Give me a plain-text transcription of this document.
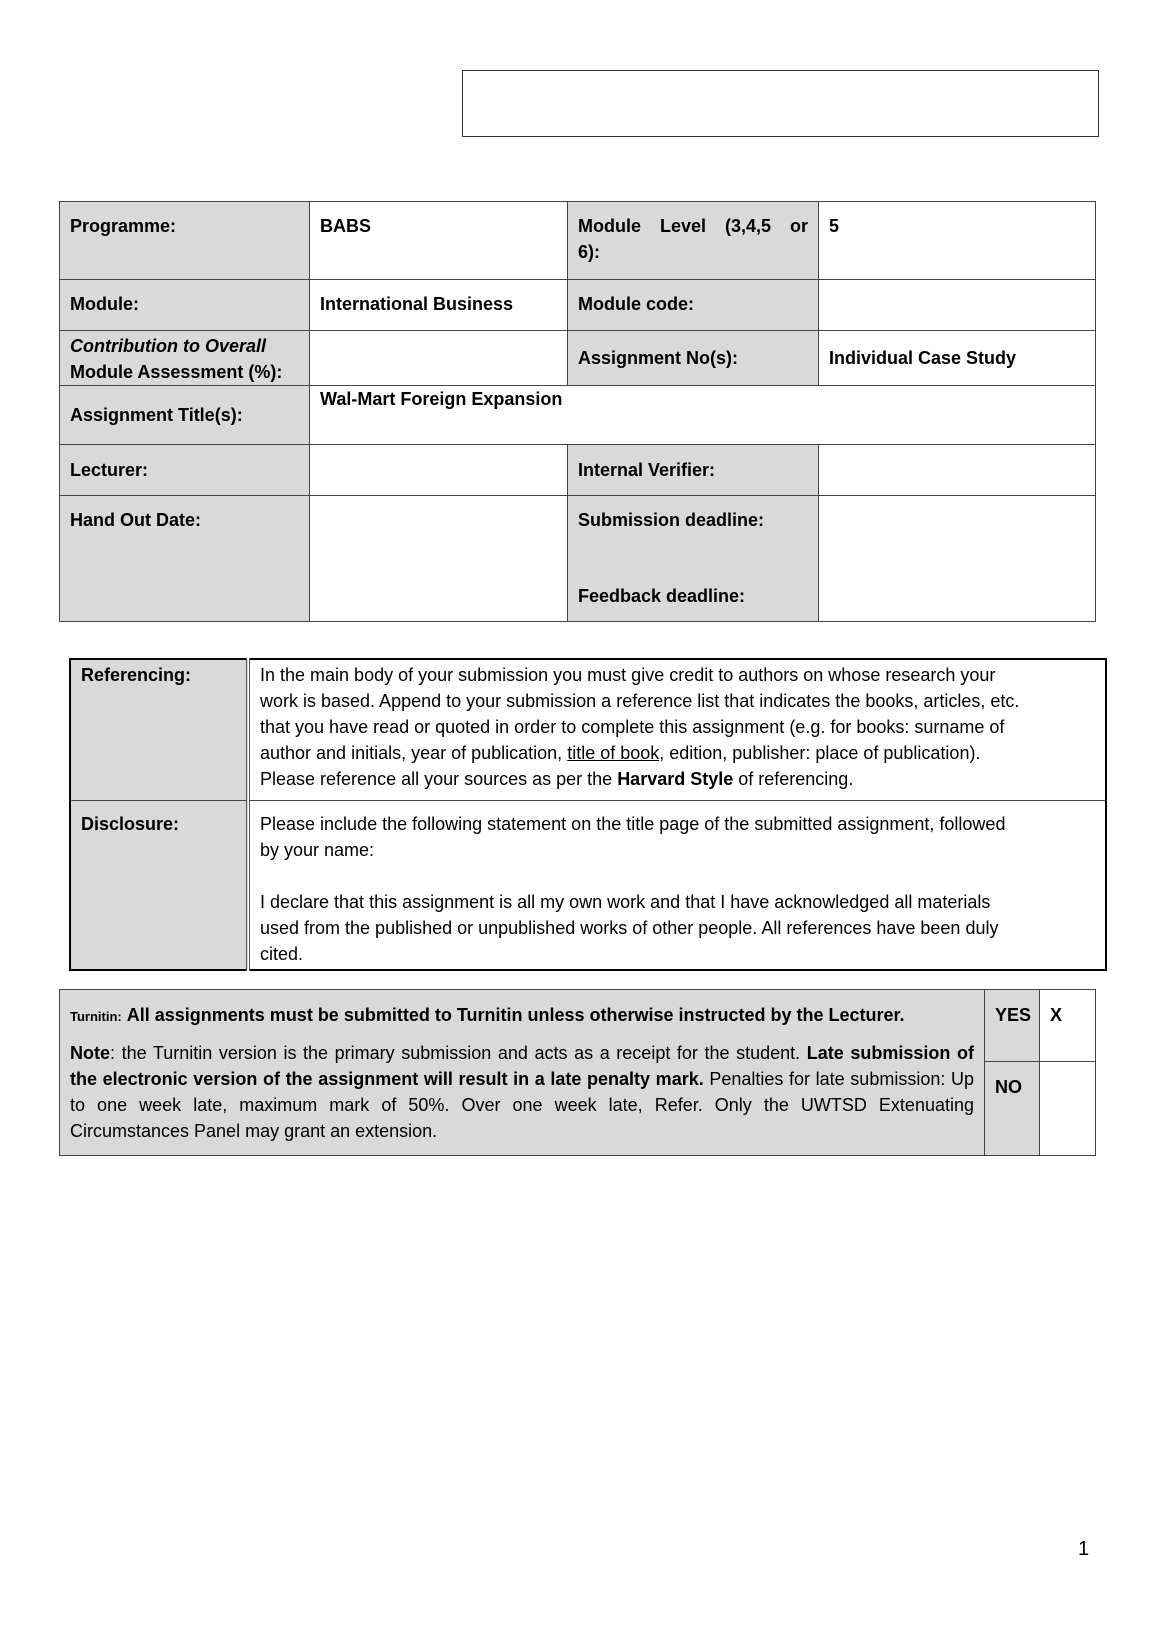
Programme:	BABS	Module Level (3,4,5 or
6):	5
Module:	International Business	Module code:	

Contribution to Overall
Module Assessment (%):		Assignment No(s):	Individual Case Study
Assignment Title(s):	Wal-Mart Foreign Expansion		
Lecturer:		Internal Verifier:	
Hand Out Date:		Submission deadline:
Feedback deadline:	

Referencing:	In the main body of your submission you must give credit to authors on whose research your

work is based. Append to your submission a reference list that indicates the books, articles, etc.

that you have read or quoted in order to complete this assignment (e.g. for books: surname of

author and initials, year of publication, title of book, edition, publisher: place of publication).

Please reference all your sources as per the Harvard Style of referencing.

Disclosure:	Please include the following statement on the title page of the submitted assignment, followed

by your name:

I declare that this assignment is all my own work and that I have acknowledged all materials

used from the published or unpublished works of other people. All references have been duly

cited.

Turnitin: All assignments must be submitted to Turnitin unless otherwise instructed by the Lecturer.
Note: the Turnitin version is the primary submission and acts as a receipt for the student. Late submission of the electronic version of the assignment will result in a late penalty mark. Penalties for late submission: Up to one week late, maximum mark of 50%. Over one week late, Refer. Only the UWTSD Extenuating Circumstances Panel may grant an extension.	YES	X
	NO	
1
